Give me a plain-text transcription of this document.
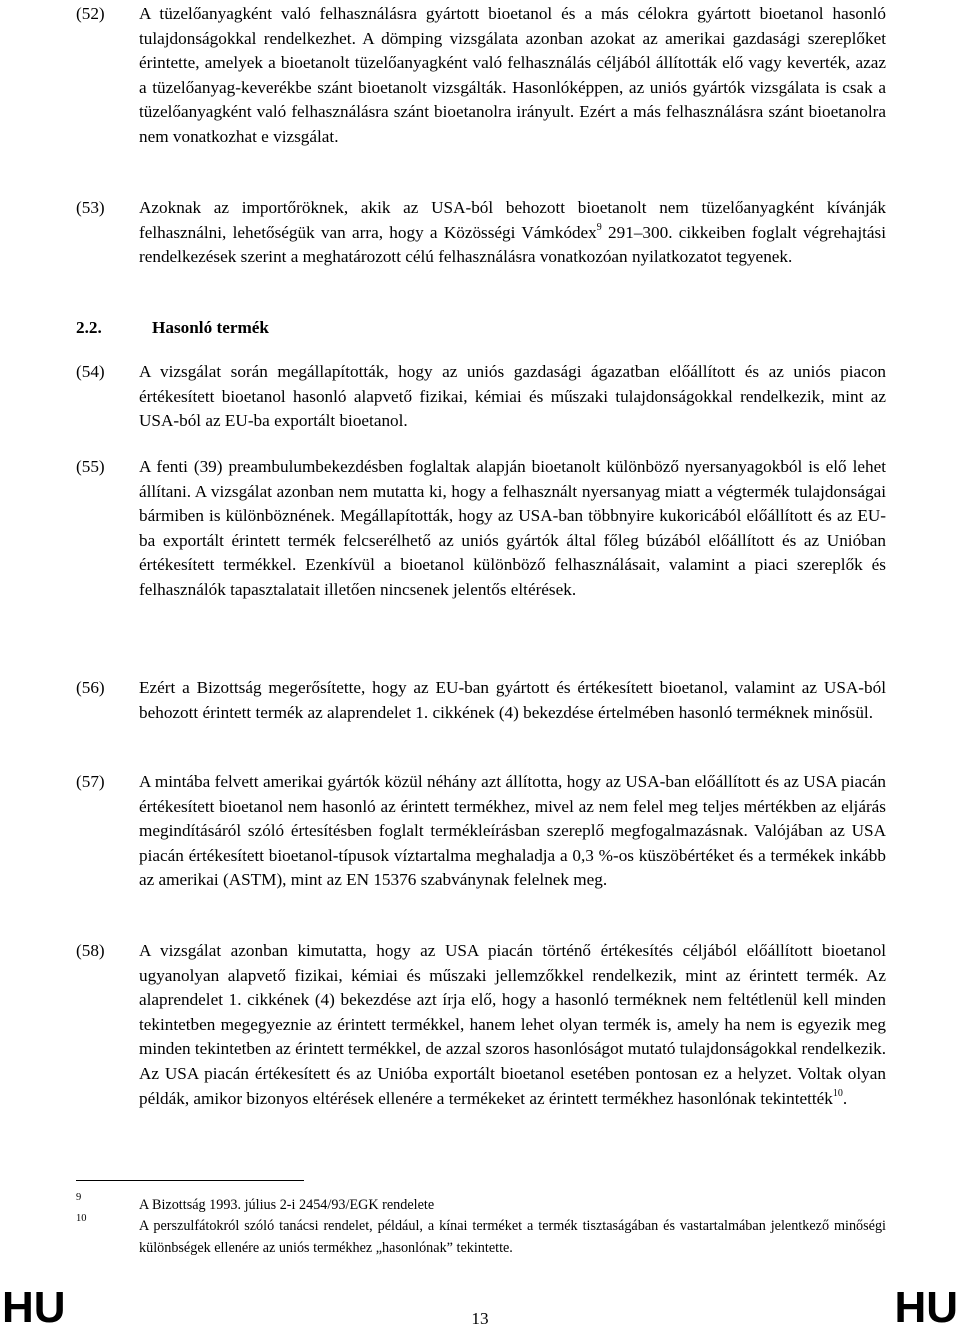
(52) A tüzelőanyagként való felhasználásra gyártott bioetanol és a más célokra gyártott bioetanol hasonló tulajdonságokkal rendelkezhet. A dömping vizsgálata azonban azokat az amerikai gazdasági szereplőket érintette, amelyek a bioetanolt tüzelőanyagként való felhasználás céljából állították elő vagy keverték, azaz a tüzelőanyag-keverékbe szánt bioetanolt vizsgálták. Hasonlóképpen, az uniós gyártók vizsgálata is csak a tüzelőanyagként való felhasználásra szánt bioetanolra irányult. Ezért a más felhasználásra szánt bioetanolra nem vonatkozhat e vizsgálat.
(53) Azoknak az importőröknek, akik az USA-ból behozott bioetanolt nem tüzelőanyagként kívánják felhasználni, lehetőségük van arra, hogy a Közösségi Vámkódex$^9$ 291–300. cikkeiben foglalt végrehajtási rendelkezések szerint a meghatározott célú felhasználásra vonatkozóan nyilatkozatot tegyenek.
2.2.	Hasonló termék
(54) A vizsgálat során megállapították, hogy az uniós gazdasági ágazatban előállított és az uniós piacon értékesített bioetanol hasonló alapvető fizikai, kémiai és műszaki tulajdonságokkal rendelkezik, mint az USA-ból az EU-ba exportált bioetanol.
(55) A fenti (39) preambulumbekezdésben foglaltak alapján bioetanolt különböző nyersanyagokból is elő lehet állítani. A vizsgálat azonban nem mutatta ki, hogy a felhasznált nyersanyag miatt a végtermék tulajdonságai bármiben is különböznének. Megállapították, hogy az USA-ban többnyire kukoricából előállított és az EU-ba exportált érintett termék felcserélhető az uniós gyártók által főleg búzából előállított és az Unióban értékesített termékkel. Ezenkívül a bioetanol különböző felhasználásait, valamint a piaci szereplők és felhasználók tapasztalatait illetően nincsenek jelentős eltérések.
(56) Ezért a Bizottság megerősítette, hogy az EU-ban gyártott és értékesített bioetanol, valamint az USA-ból behozott érintett termék az alaprendelet 1. cikkének (4) bekezdése értelmében hasonló terméknek minősül.
(57) A mintába felvett amerikai gyártók közül néhány azt állította, hogy az USA-ban előállított és az USA piacán értékesített bioetanol nem hasonló az érintett termékhez, mivel az nem felel meg teljes mértékben az eljárás megindításáról szóló értesítésben foglalt termékleírásban szereplő megfogalmazásnak. Valójában az USA piacán értékesített bioetanol-típusok víztartalma meghaladja a 0,3 %-os küszöbértéket és a termékek inkább az amerikai (ASTM), mint az EN 15376 szabványnak felelnek meg.
(58) A vizsgálat azonban kimutatta, hogy az USA piacán történő értékesítés céljából előállított bioetanol ugyanolyan alapvető fizikai, kémiai és műszaki jellemzőkkel rendelkezik, mint az érintett termék. Az alaprendelet 1. cikkének (4) bekezdése azt írja elő, hogy a hasonló terméknek nem feltétlenül kell minden tekintetben megegyeznie az érintett termékkel, hanem lehet olyan termék is, amely ha nem is egyezik meg minden tekintetben az érintett termékkel, de azzal szoros hasonlóságot mutató tulajdonságokkal rendelkezik. Az USA piacán értékesített és az Unióba exportált bioetanol esetében pontosan ez a helyzet. Voltak olyan példák, amikor bizonyos eltérések ellenére a termékeket az érintett termékhez hasonlónak tekintették$^{10}$.
9	A Bizottság 1993. július 2-i 2454/93/EGK rendelete
10	A perszulfátokról szóló tanácsi rendelet, például, a kínai terméket a termék tisztaságában és vastartalmában jelentkező minőségi különbségek ellenére az uniós termékhez „hasonlónak” tekintette.
HU	13	HU
